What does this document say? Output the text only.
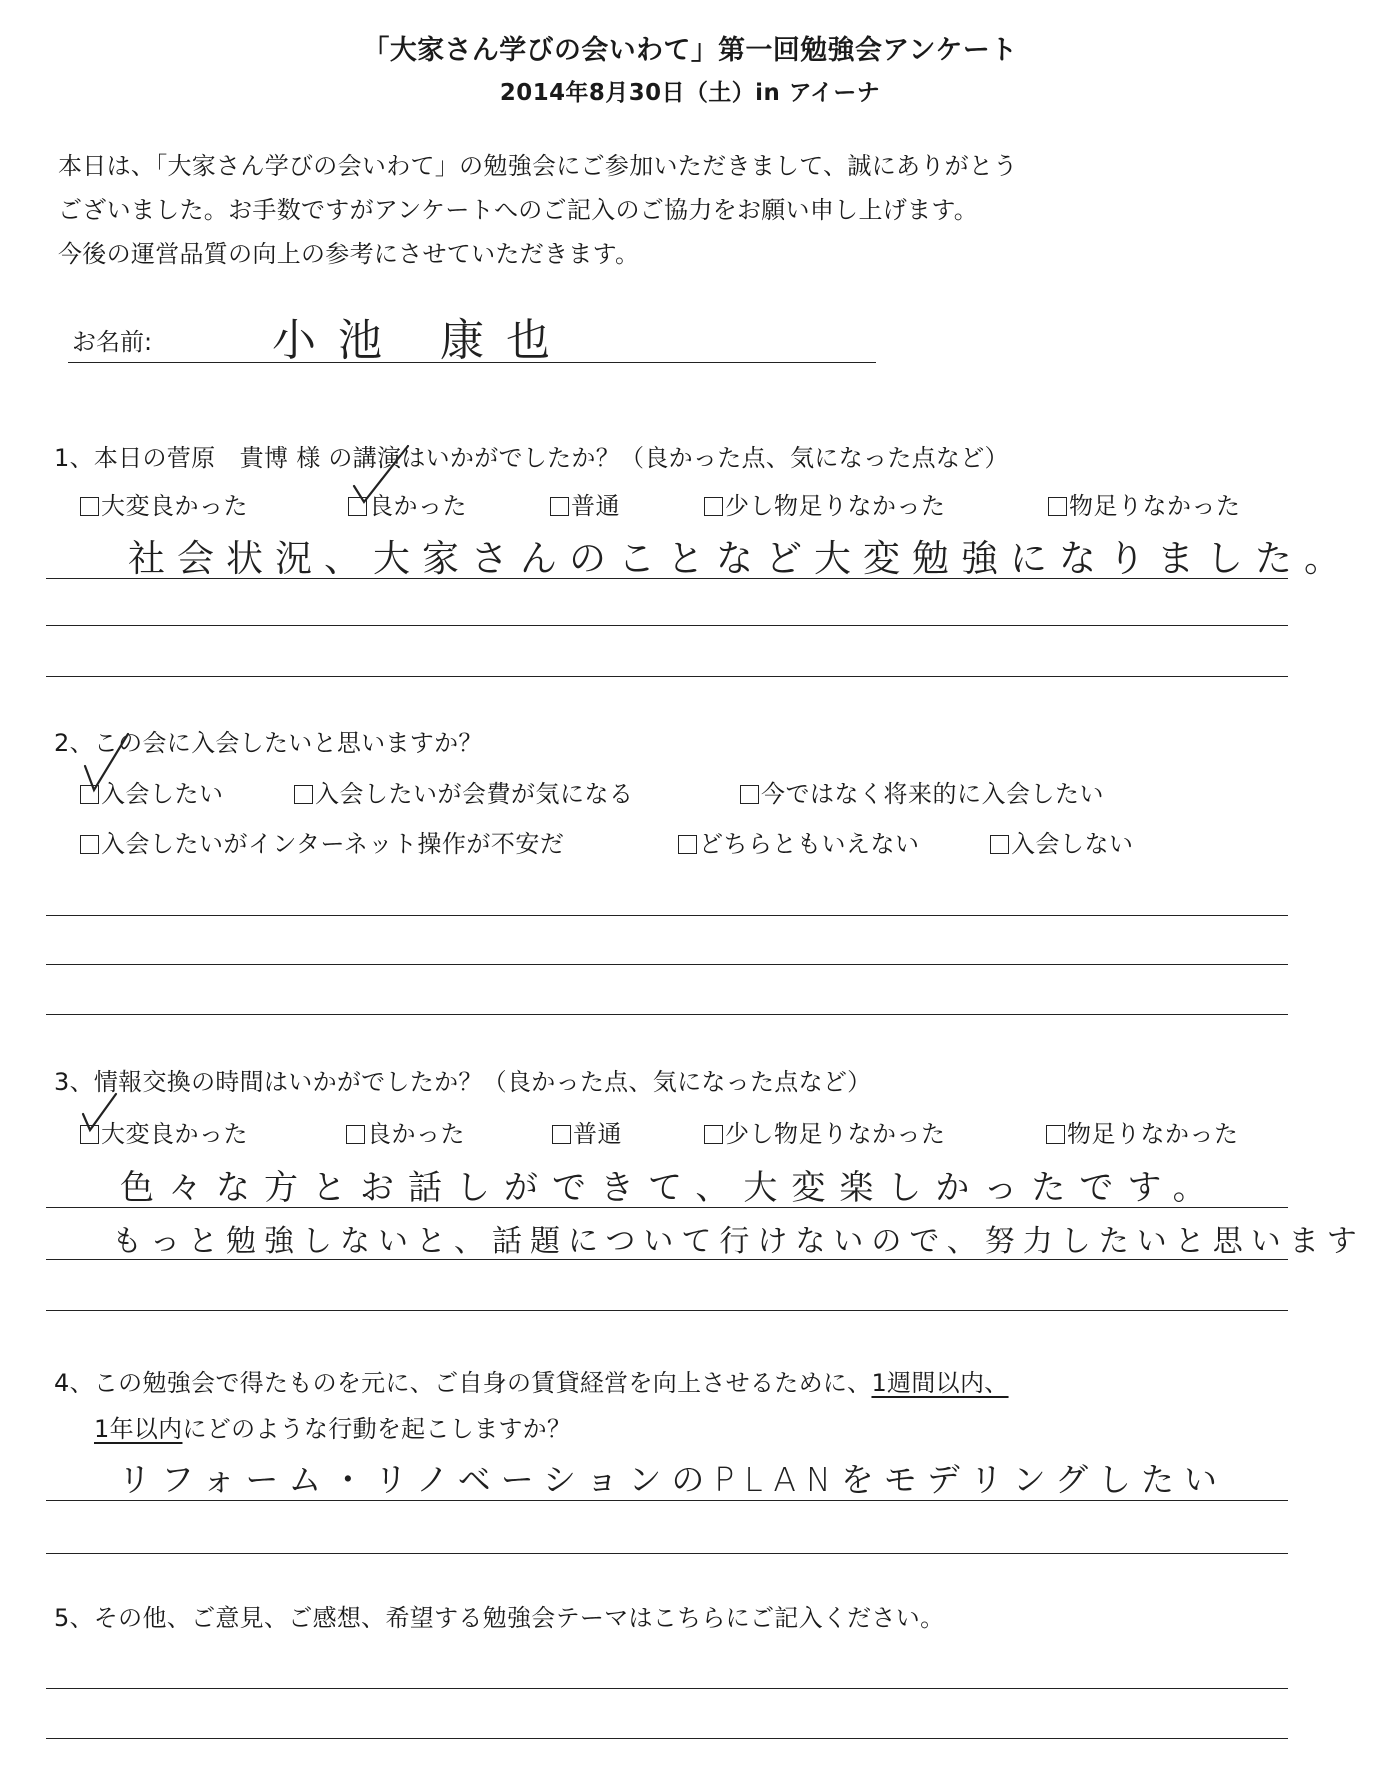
「大家さん学びの会いわて」第一回勉強会アンケート
2014年8月30日（土）in アイーナ
本日は、「大家さん学びの会いわて」の勉強会にご参加いただきまして、誠にありがとう
ございました。お手数ですがアンケートへのご記入のご協力をお願い申し上げます。
今後の運営品質の向上の参考にさせていただきます。
お名前:	小池 康也
1、本日の菅原　貴博 様 の講演はいかがでしたか？（良かった点、気になった点など）
大変良かった	良かった	普通	少し物足りなかった	物足りなかった
社会状況、大家さんのことなど大変勉強になりました。
2、この会に入会したいと思いますか？
入会したい	入会したいが会費が気になる	今ではなく将来的に入会したい
入会したいがインターネット操作が不安だ	どちらともいえない	入会しない
3、情報交換の時間はいかがでしたか？（良かった点、気になった点など）
大変良かった	良かった	普通	少し物足りなかった	物足りなかった
色々な方とお話しができて、大変楽しかったです。
もっと勉強しないと、話題について行けないので、努力したいと思います
4、この勉強会で得たものを元に、ご自身の賃貸経営を向上させるために、1週間以内、
1年以内にどのような行動を起こしますか？
リフォーム・リノベーションのPLANをモデリングしたい
5、その他、ご意見、ご感想、希望する勉強会テーマはこちらにご記入ください。
